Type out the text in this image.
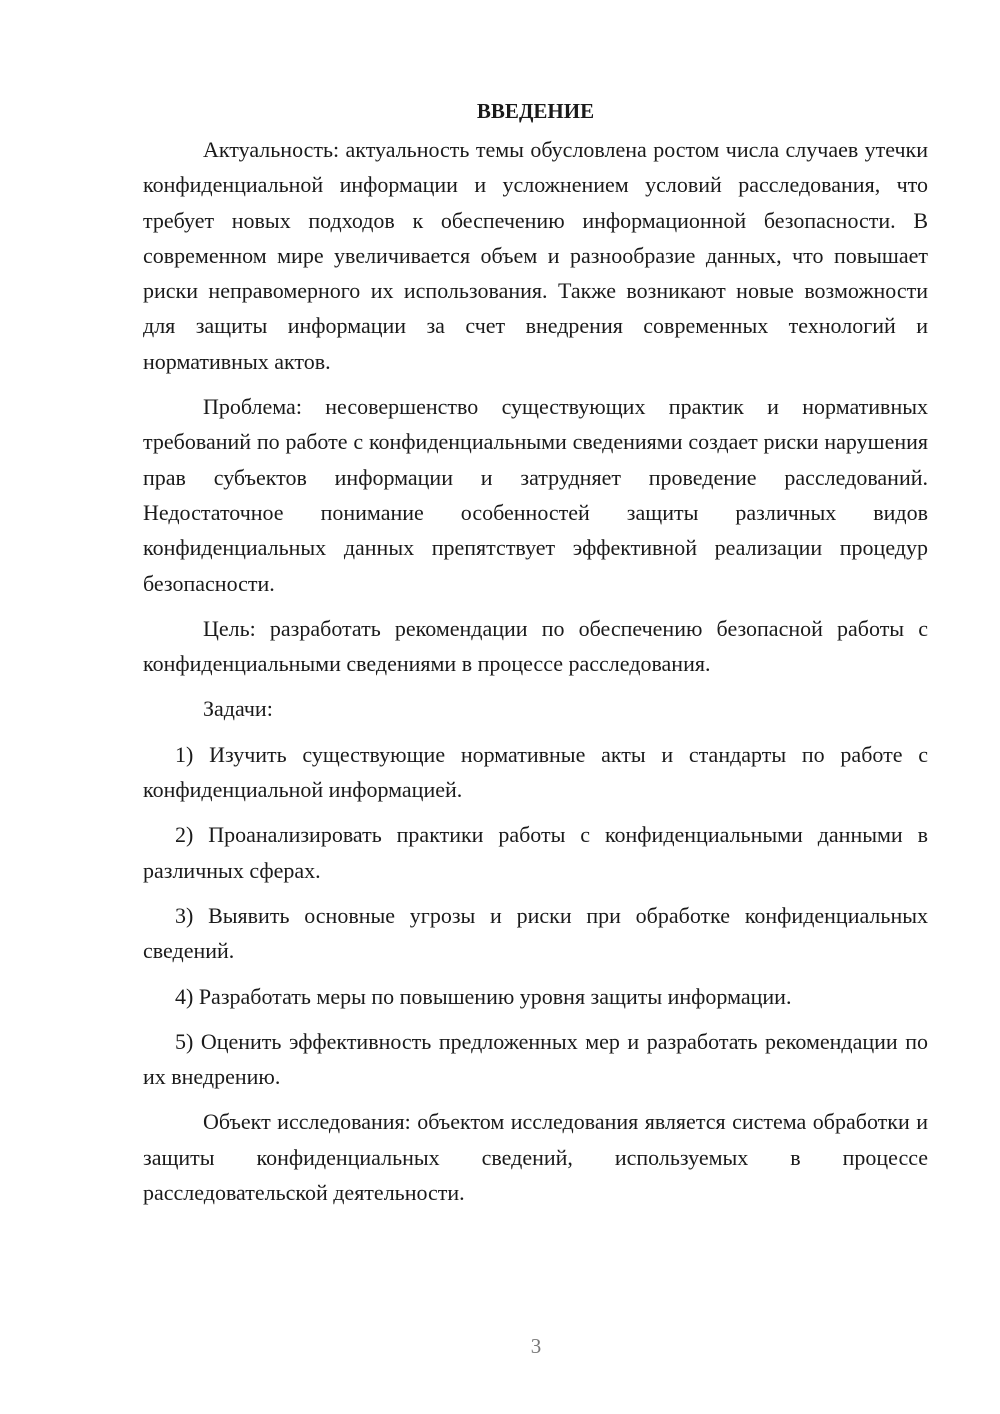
ВВЕДЕНИЕ

Актуальность: актуальность темы обусловлена ростом числа случаев утечки конфиденциальной информации и усложнением условий расследования, что требует новых подходов к обеспечению информационной безопасности. В современном мире увеличивается объем и разнообразие данных, что повышает риски неправомерного их использования. Также возникают новые возможности для защиты информации за счет внедрения современных технологий и нормативных актов.

Проблема: несовершенство существующих практик и нормативных требований по работе с конфиденциальными сведениями создает риски нарушения прав субъектов информации и затрудняет проведение расследований. Недостаточное понимание особенностей защиты различных видов конфиденциальных данных препятствует эффективной реализации процедур безопасности.

Цель: разработать рекомендации по обеспечению безопасной работы с конфиденциальными сведениями в процессе расследования.

Задачи:

1) Изучить существующие нормативные акты и стандарты по работе с конфиденциальной информацией.

2) Проанализировать практики работы с конфиденциальными данными в различных сферах.

3) Выявить основные угрозы и риски при обработке конфиденциальных сведений.

4) Разработать меры по повышению уровня защиты информации.

5) Оценить эффективность предложенных мер и разработать рекомендации по их внедрению.

Объект исследования: объектом исследования является система обработки и защиты конфиденциальных сведений, используемых в процессе расследовательской деятельности.

3
